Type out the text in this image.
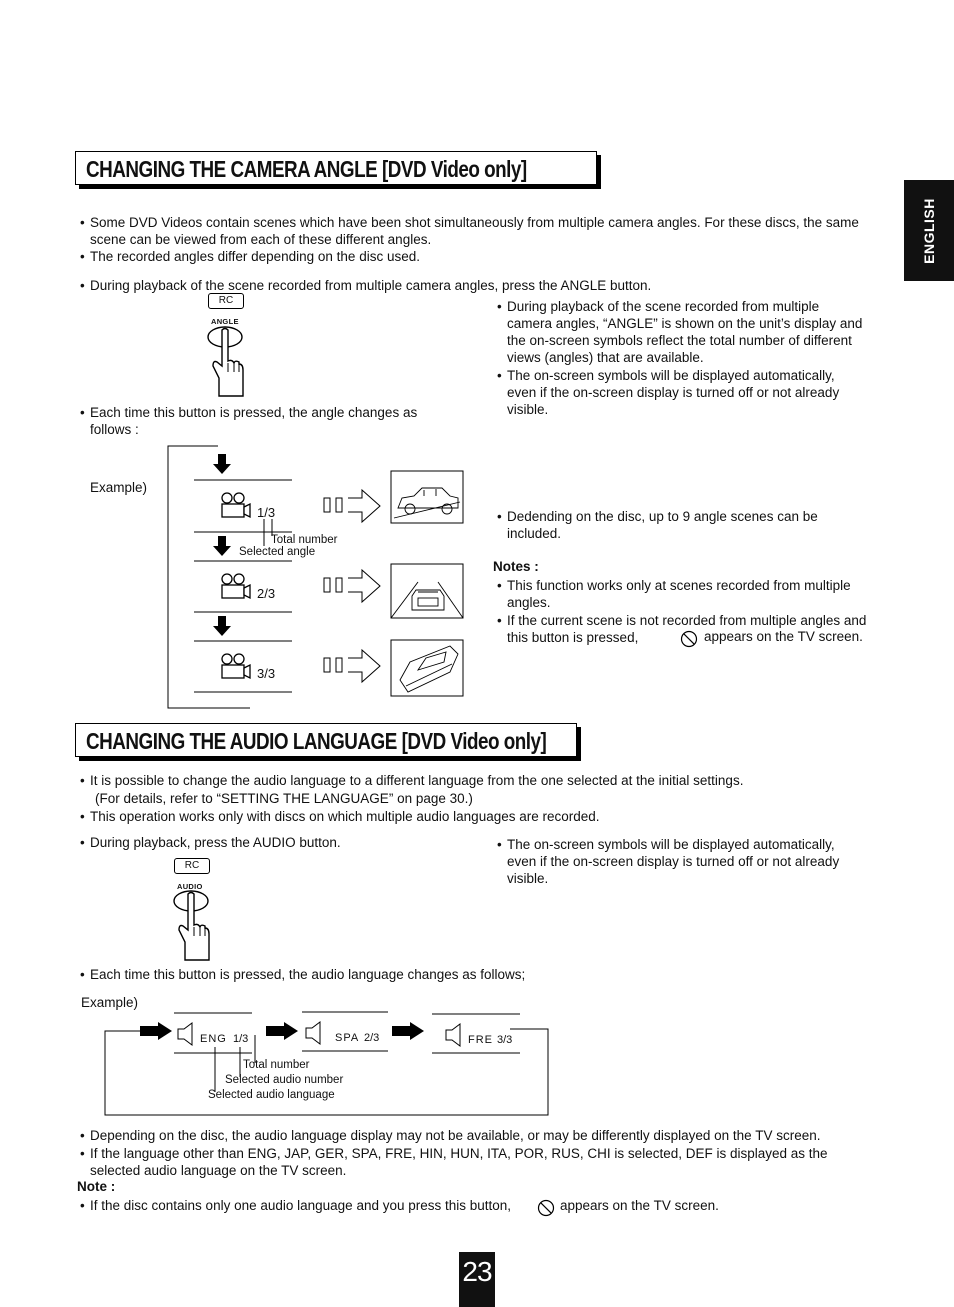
ENGLISH
CHANGING THE CAMERA ANGLE [DVD Video only]
• Some DVD Videos contain scenes which have been shot simultaneously from multiple camera angles. For these discs, the same scene can be viewed from each of these different angles.
• The recorded angles differ depending on the disc used.
• During playback of the scene recorded from multiple camera angles, press the ANGLE button.
RC
ANGLE
• During playback of the scene recorded from multiple camera angles, “ANGLE” is shown on the unit’s display and the on-screen symbols reflect the total number of different views (angles) that are available.
• The on-screen symbols will be displayed automatically, even if the on-screen display is turned off or not already visible.
• Each time this button is pressed, the angle changes as follows :
Example)
1/3
2/3
3/3
Total number
Selected angle
• Dedending on the disc, up to 9 angle scenes can be included.
Notes :
• This function works only at scenes recorded from multiple angles.
• If the current scene is not recorded from multiple angles and this button is pressed,	appears on the TV screen.
CHANGING THE AUDIO LANGUAGE [DVD Video only]
• It is possible to change the audio language to a different language from the one selected at the initial settings.
(For details, refer to “SETTING THE LANGUAGE” on page 30.)
• This operation works only with discs on which multiple audio languages are recorded.
• During playback, press the AUDIO button.
•	The on-screen symbols will be displayed automatically, even if the on-screen display is turned off or not already visible.
RC
AUDIO
• Each time this button is pressed, the audio language changes as follows;
Example)
ENG 1/3	SPA 2/3	FRE 3/3
Total number
Selected audio number
Selected audio language
• Depending on the disc, the audio language display may not be available, or may be differently displayed on the TV screen.
• If the language other than ENG, JAP, GER, SPA, FRE, HIN, HUN, ITA, POR, RUS, CHI is selected, DEF is displayed as the selected audio language on the TV screen.
Note :
• If the disc contains only one audio language and you press this button,	appears on the TV screen.
23
